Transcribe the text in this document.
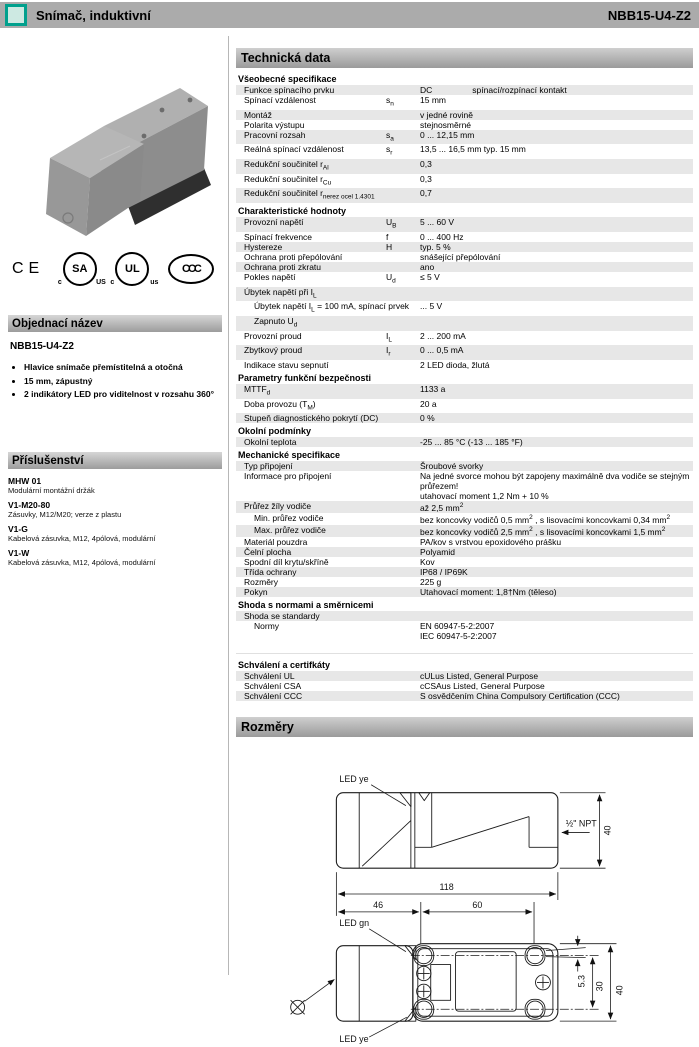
Snímač, induktivní	NBB15-U4-Z2
CE	SA
c	US
UL
c	us
CCC
Objednací název
NBB15-U4-Z2
• Hlavice snímače přemístitelná a otočná
• 15 mm, zápustný
• 2 indikátory LED pro viditelnost v rozsahu 360°
Příslušenství
MHW 01
Modulární montážní držák
V1-M20-80
Zásuvky, M12/M20; verze z plastu
V1-G
Kabelová zásuvka, M12, 4pólová, modulární
V1-W
Kabelová zásuvka, M12, 4pólová, modulární
Technická data
Všeobecné specifikace
Funkce spínacího prvku	DC	spínací/rozpínací kontakt
Spínací vzdálenost	$s_n$	15 mm
Montáž	v jedné rovině
Polarita výstupu	stejnosměrné
Pracovní rozsah	$s_a$	0 ... 12,15 mm
Reálná spínací vzdálenost	$s_r$	13,5 ... 16,5 mm typ. 15 mm
Redukční součinitel $r_{Al}$	0,3
Redukční součinitel $r_{Cu}$	0,3
Redukční součinitel $r_{nerez ocel 1.4301}$	0,7
Charakteristické hodnoty
Provozní napětí	$U_B$	5 ... 60 V
Spínací frekvence	f	0 ... 400 Hz
Hystereze	H	typ. 5 %
Ochrana proti přepólování	snášející přepólování
Ochrana proti zkratu	ano
Pokles napětí	$U_d$	≤ 5 V
Úbytek napětí při $I_L$
Úbytek napětí $I_L = 100$ mA, spínací prvek	... 5 V
Zapnuto $U_d$
Provozní proud	$I_L$	2 ... 200 mA
Zbytkový proud	$I_r$	0 ... 0,5 mA
Indikace stavu sepnutí	2 LED dioda, žlutá
Parametry funkční bezpečnosti
$MTTF_d$	1133 a
Doba provozu $(T_M)$	20 a
Stupeň diagnostického pokrytí (DC)	0 %
Okolní podmínky
Okolní teplota	-25 ... 85 °C (-13 ... 185 °F)
Mechanické specifikace
Typ připojení	Šroubové svorky
Informace pro připojení	Na jedné svorce mohou být zapojeny maximálně dva vodiče se stejným průřezem!
utahovací moment 1,2 Nm + 10 %
Průřez žíly vodiče	až 2,5 $mm^2$
Min. průřez vodiče	bez koncovky vodičů 0,5 $mm^2$ , s lisovacími koncovkami 0,34 $mm^2$
Max. průřez vodiče	bez koncovky vodičů 2,5 $mm^2$ , s lisovacími koncovkami 1,5 $mm^2$
Materiál pouzdra	PA/kov s vrstvou epoxidového prášku
Čelní plocha	Polyamid
Spodní díl krytu/skříně	Kov
Třída ochrany	IP68 / IP69K
Rozměry	225 g
Pokyn	Utahovací moment: 1,8†Nm (těleso)
Shoda s normami a směrnicemi
Shoda se standardy
Normy	EN 60947-5-2:2007
IEC 60947-5-2:2007
Schválení a certifkáty
Schválení UL	cULus Listed, General Purpose
Schválení CSA	cCSAus Listed, General Purpose
Schválení CCC	S osvědčením China Compulsory Certification (CCC)
Rozměry
LED ye
½" NPT
40
118
46	60
LED gn
LED ye
5.3 30 40
